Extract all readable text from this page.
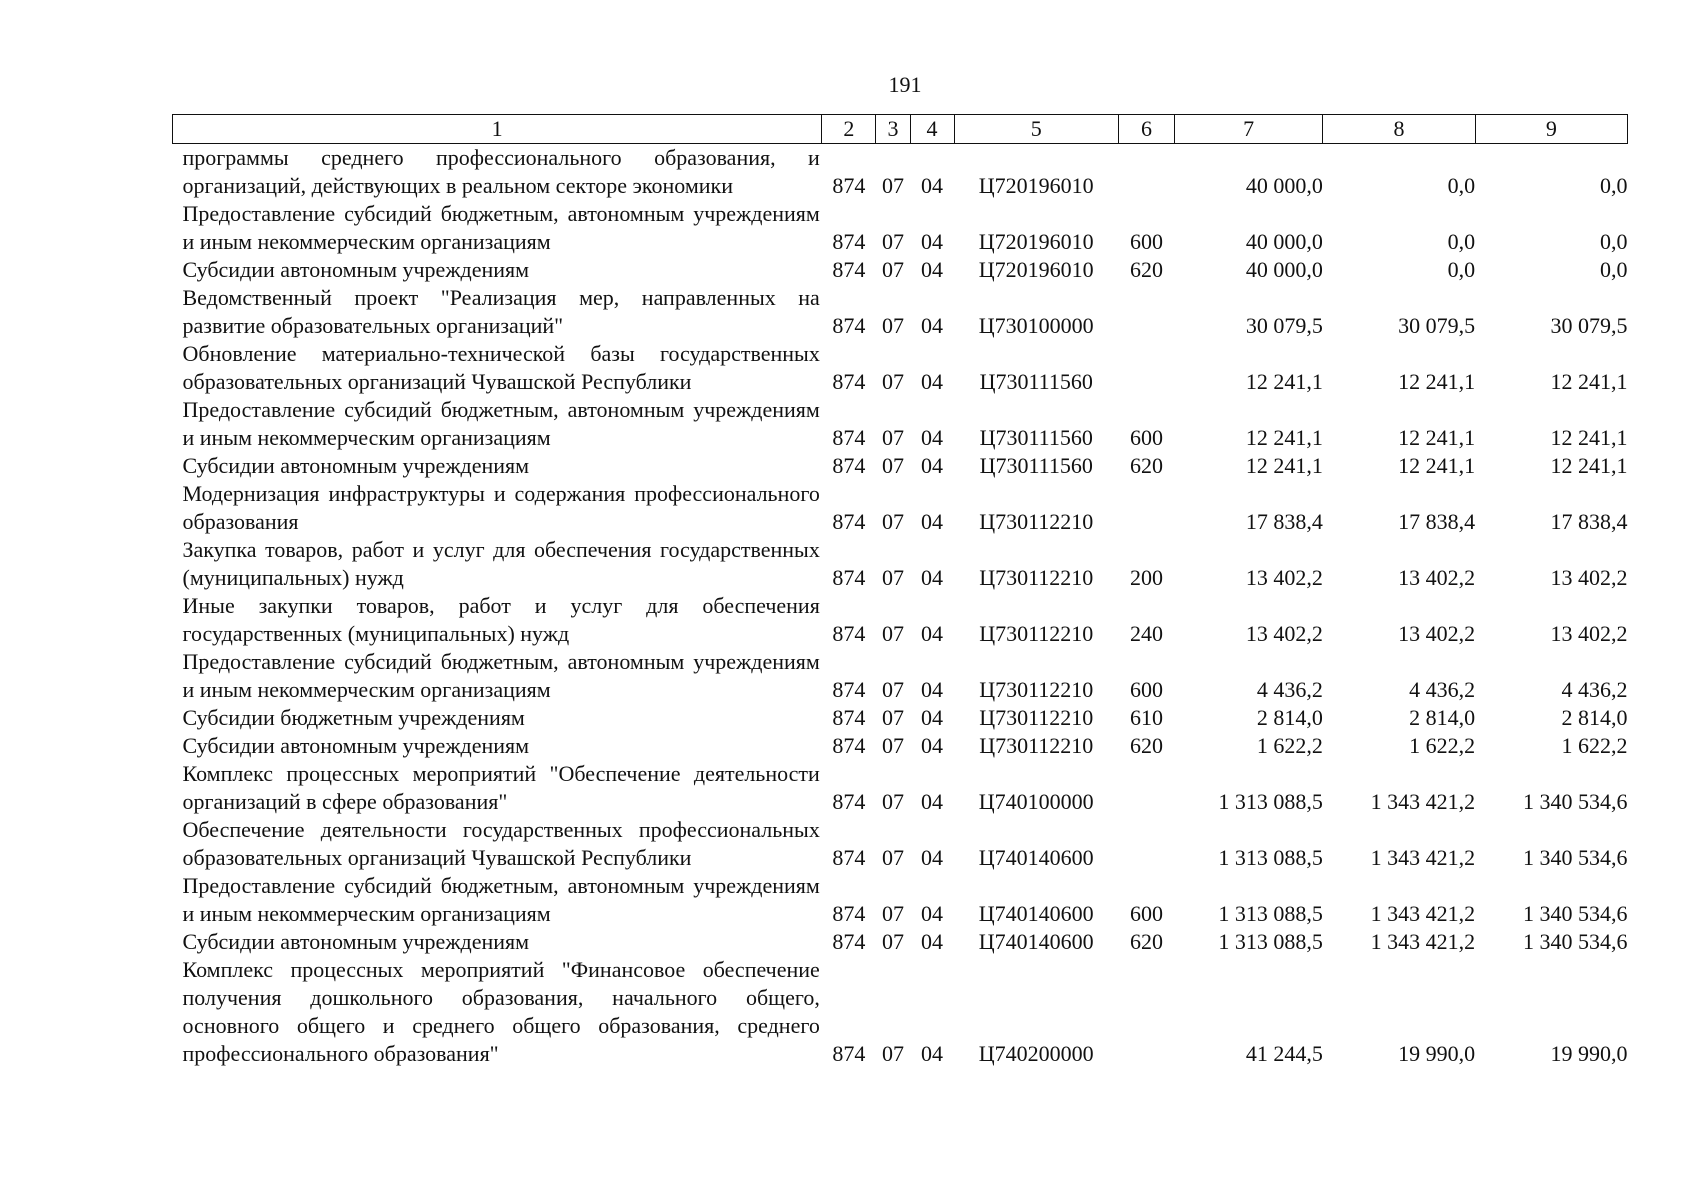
191
1	2	3	4	5	6	7	8	9
программы среднего профессионального образования, и организаций, действующих в реальном секторе экономики	874	07	04	Ц720196010		40 000,0	0,0	0,0
Предоставление субсидий бюджетным, автономным учреждениям и иным некоммерческим организациям	874	07	04	Ц720196010	600	40 000,0	0,0	0,0
Субсидии автономным учреждениям	874	07	04	Ц720196010	620	40 000,0	0,0	0,0
Ведомственный проект "Реализация мер, направленных на развитие образовательных организаций"	874	07	04	Ц730100000		30 079,5	30 079,5	30 079,5
Обновление материально-технической базы государственных образовательных организаций Чувашской Республики	874	07	04	Ц730111560		12 241,1	12 241,1	12 241,1
Предоставление субсидий бюджетным, автономным учреждениям и иным некоммерческим организациям	874	07	04	Ц730111560	600	12 241,1	12 241,1	12 241,1
Субсидии автономным учреждениям	874	07	04	Ц730111560	620	12 241,1	12 241,1	12 241,1
Модернизация инфраструктуры и содержания профессионального образования	874	07	04	Ц730112210		17 838,4	17 838,4	17 838,4
Закупка товаров, работ и услуг для обеспечения государственных (муниципальных) нужд	874	07	04	Ц730112210	200	13 402,2	13 402,2	13 402,2
Иные закупки товаров, работ и услуг для обеспечения государственных (муниципальных) нужд	874	07	04	Ц730112210	240	13 402,2	13 402,2	13 402,2
Предоставление субсидий бюджетным, автономным учреждениям и иным некоммерческим организациям	874	07	04	Ц730112210	600	4 436,2	4 436,2	4 436,2
Субсидии бюджетным учреждениям	874	07	04	Ц730112210	610	2 814,0	2 814,0	2 814,0
Субсидии автономным учреждениям	874	07	04	Ц730112210	620	1 622,2	1 622,2	1 622,2
Комплекс процессных мероприятий "Обеспечение деятельности организаций в сфере образования"	874	07	04	Ц740100000		1 313 088,5	1 343 421,2	1 340 534,6
Обеспечение деятельности государственных профессиональных образовательных организаций Чувашской Республики	874	07	04	Ц740140600		1 313 088,5	1 343 421,2	1 340 534,6
Предоставление субсидий бюджетным, автономным учреждениям и иным некоммерческим организациям	874	07	04	Ц740140600	600	1 313 088,5	1 343 421,2	1 340 534,6
Субсидии автономным учреждениям	874	07	04	Ц740140600	620	1 313 088,5	1 343 421,2	1 340 534,6
Комплекс процессных мероприятий "Финансовое обеспечение получения дошкольного образования, начального общего, основного общего и среднего общего образования, среднего профессионального образования"	874	07	04	Ц740200000		41 244,5	19 990,0	19 990,0
